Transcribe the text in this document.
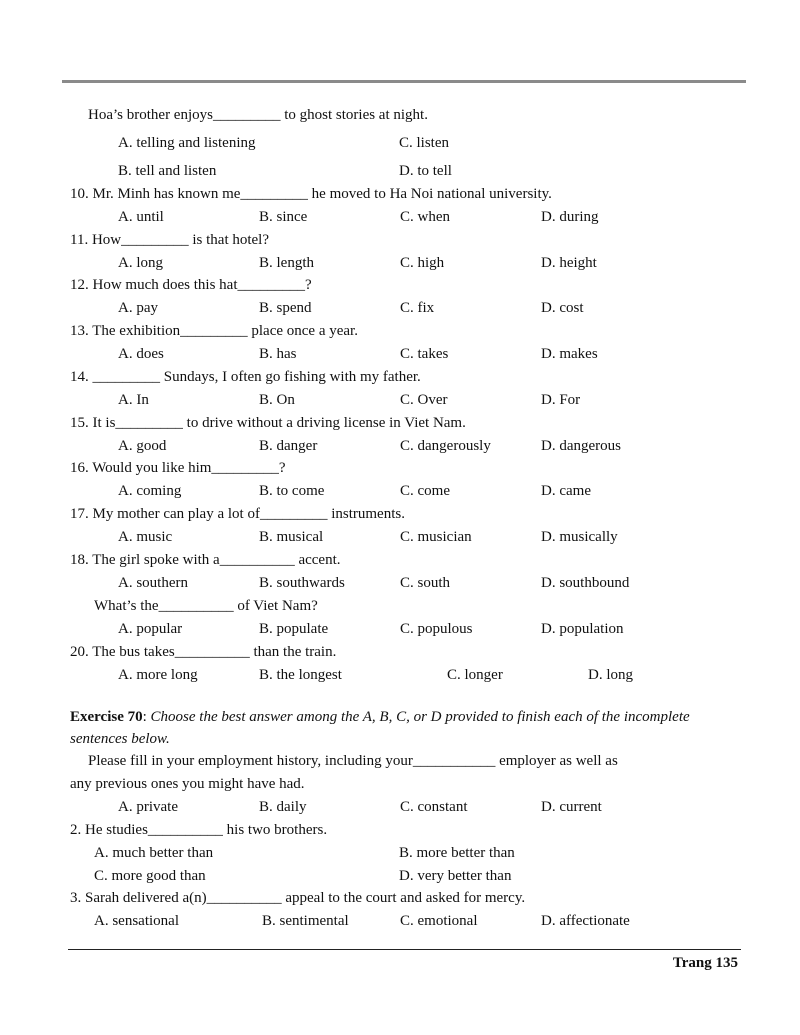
Hoa’s brother enjoys_________ to ghost stories at night.
A. telling and listening	C. listen
B. tell and listen	D. to tell
10. Mr. Minh has known me_________ he moved to Ha Noi national university.
A. until	B. since	C. when	D. during
11. How_________ is that hotel?
A. long	B. length	C. high	D. height
12. How much does this hat_________?
A. pay	B. spend	C. fix	D. cost
13. The exhibition_________ place once a year.
A. does	B. has	C. takes	D. makes
14. _________ Sundays, I often go fishing with my father.
A. In	B. On	C. Over	D. For
15. It is_________ to drive without a driving license in Viet Nam.
A. good	B. danger	C. dangerously	D. dangerous
16. Would you like him_________?
A. coming	B. to come	C. come	D. came
17. My mother can play a lot of_________ instruments.
A. music	B. musical	C. musician	D. musically
18. The girl spoke with a__________ accent.
A. southern	B. southwards	C. south	D. southbound
What’s the__________ of Viet Nam?
A. popular	B. populate	C. populous	D. population
20. The bus takes__________ than the train.
A. more long	B. the longest	C. longer	D. long
Exercise 70: Choose the best answer among the A, B, C, or D provided to finish each of the incomplete sentences below.
Please fill in your employment history, including your___________ employer as well as
any previous ones you might have had.
A. private	B. daily	C. constant	D. current
2. He studies__________ his two brothers.
A. much better than	B. more better than
C. more good than	D. very better than
3. Sarah delivered a(n)__________ appeal to the court and asked for mercy.
A. sensational	B. sentimental	C. emotional	D. affectionate
Trang 135
